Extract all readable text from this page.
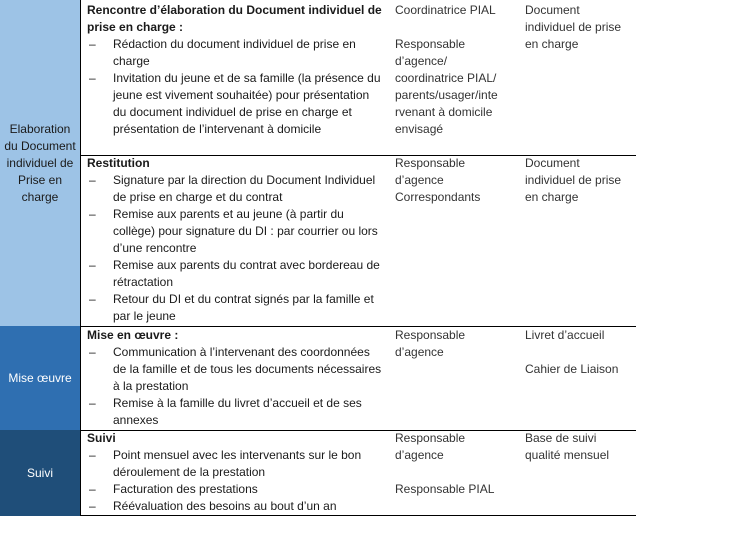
Elaboration du Document individuel de Prise en charge
Mise œuvre
Suivi
Rencontre d’élaboration du Document individuel de prise en charge :
– Rédaction du document individuel de prise en charge
– Invitation du jeune et de sa famille (la présence du jeune est vivement souhaitée) pour présentation du document individuel de prise en charge et présentation de l’intervenant à domicile
Coordinatrice PIAL
Responsable d’agence/ coordinatrice PIAL/ parents/usager/inte rvenant à domicile envisagé
Document individuel de prise en charge
Restitution
– Signature par la direction du Document Individuel de prise en charge et du contrat
– Remise aux parents et au jeune (à partir du collège) pour signature du DI : par courrier ou lors d’une rencontre
– Remise aux parents du contrat avec bordereau de rétractation
– Retour du DI et du contrat signés par la famille et par le jeune
Responsable d’agence Correspondants
Document individuel de prise en charge
Mise en œuvre :
– Communication à l’intervenant des coordonnées de la famille et de tous les documents nécessaires à la prestation
– Remise à la famille du livret d’accueil et de ses annexes
Responsable d’agence
Livret d’accueil
Cahier de Liaison
Suivi
– Point mensuel avec les intervenants sur le bon déroulement de la prestation
– Facturation des prestations
– Réévaluation des besoins au bout d’un an
Responsable d’agence
Responsable PIAL
Base de suivi qualité mensuel
